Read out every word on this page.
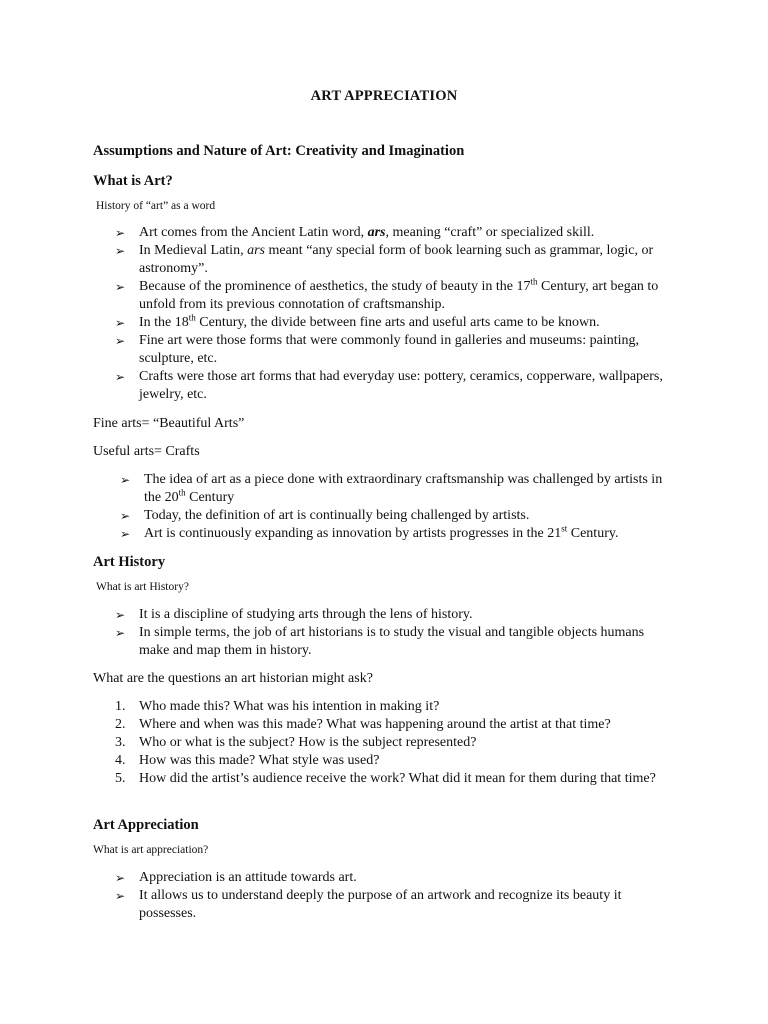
ART APPRECIATION
Assumptions and Nature of Art: Creativity and Imagination
What is Art?
History of “art” as a word
➢ Art comes from the Ancient Latin word, ars, meaning “craft” or specialized skill.
➢ In Medieval Latin, ars meant “any special form of book learning such as grammar, logic, or astronomy”.
➢ Because of the prominence of aesthetics, the study of beauty in the 17th Century, art began to unfold from its previous connotation of craftsmanship.
➢ In the 18th Century, the divide between fine arts and useful arts came to be known.
➢ Fine art were those forms that were commonly found in galleries and museums: painting, sculpture, etc.
➢ Crafts were those art forms that had everyday use: pottery, ceramics, copperware, wallpapers, jewelry, etc.
Fine arts= “Beautiful Arts”
Useful arts= Crafts
➢ The idea of art as a piece done with extraordinary craftsmanship was challenged by artists in the 20th Century
➢ Today, the definition of art is continually being challenged by artists.
➢ Art is continuously expanding as innovation by artists progresses in the 21st Century.
Art History
What is art History?
➢ It is a discipline of studying arts through the lens of history.
➢ In simple terms, the job of art historians is to study the visual and tangible objects humans make and map them in history.
What are the questions an art historian might ask?
1. Who made this? What was his intention in making it?
2. Where and when was this made? What was happening around the artist at that time?
3. Who or what is the subject? How is the subject represented?
4. How was this made? What style was used?
5. How did the artist’s audience receive the work? What did it mean for them during that time?
Art Appreciation
What is art appreciation?
➢ Appreciation is an attitude towards art.
➢ It allows us to understand deeply the purpose of an artwork and recognize its beauty it possesses.
